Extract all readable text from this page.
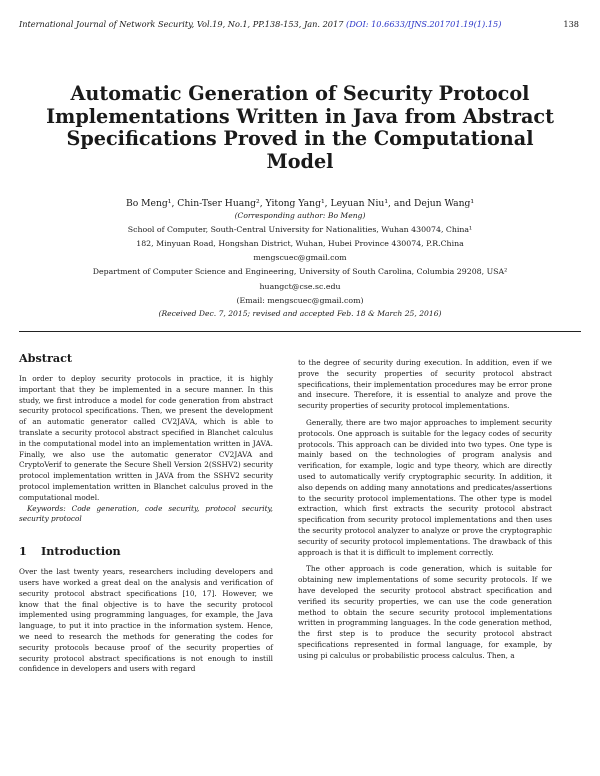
International Journal of Network Security, Vol.19, No.1, PP.138-153, Jan. 2017 (DOI: 10.6633/IJNS.201701.19(1).15)	138
Automatic Generation of Security Protocol Implementations Written in Java from Abstract Specifications Proved in the Computational Model
Bo Meng¹, Chin-Tser Huang², Yitong Yang¹, Leyuan Niu¹, and Dejun Wang¹
(Corresponding author: Bo Meng)
School of Computer, South-Central University for Nationalities, Wuhan 430074, China¹
182, Minyuan Road, Hongshan District, Wuhan, Hubei Province 430074, P.R.China
mengscuec@gmail.com
Department of Computer Science and Engineering, University of South Carolina, Columbia 29208, USA²
huangct@cse.sc.edu
(Email: mengscuec@gmail.com)
(Received Dec. 7, 2015; revised and accepted Feb. 18 & March 25, 2016)
Abstract

In order to deploy security protocols in practice, it is highly important that they be implemented in a secure manner. In this study, we first introduce a model for code generation from abstract security protocol specifications. Then, we present the development of an automatic generator called CV2JAVA, which is able to translate a security protocol abstract specified in Blanchet calculus in the computational model into an implementation written in JAVA. Finally, we also use the automatic generator CV2JAVA and CryptoVerif to generate the Secure Shell Version 2(SSHV2) security protocol implementation written in JAVA from the SSHV2 security protocol implementation written in Blanchet calculus proved in the computational model.

Keywords: Code generation, code security, protocol security, security protocol

1 Introduction

Over the last twenty years, researchers including developers and users have worked a great deal on the analysis and verification of security protocol abstract specifications [10, 17]. However, we know that the final objective is to have the security protocol implemented using programming languages, for example, the Java language, to put it into practice in the information system. Hence, we need to research the methods for generating the codes for security protocols because proof of the security properties of security protocol abstract specifications is not enough to instill confidence in developers and users with regard

to the degree of security during execution. In addition, even if we prove the security properties of security protocol abstract specifications, their implementation procedures may be error prone and insecure. Therefore, it is essential to analyze and prove the security properties of security protocol implementations.

Generally, there are two major approaches to implement security protocols. One approach is suitable for the legacy codes of security protocols. This approach can be divided into two types. One type is mainly based on the technologies of program analysis and verification, for example, logic and type theory, which are directly used to automatically verify cryptographic security. In addition, it also depends on adding many annotations and predicates/assertions to the security protocol implementations. The other type is model extraction, which first extracts the security protocol abstract specification from security protocol implementations and then uses the security protocol analyzer to analyze or prove the cryptographic security of security protocol implementations. The drawback of this approach is that it is difficult to implement correctly.

The other approach is code generation, which is suitable for obtaining new implementations of some security protocols. If we have developed the security protocol abstract specification and verified its security properties, we can use the code generation method to obtain the secure security protocol implementations written in programming languages. In the code generation method, the first step is to produce the security protocol abstract specifications represented in formal language, for example, by using pi calculus or probabilistic process calculus. Then, a
